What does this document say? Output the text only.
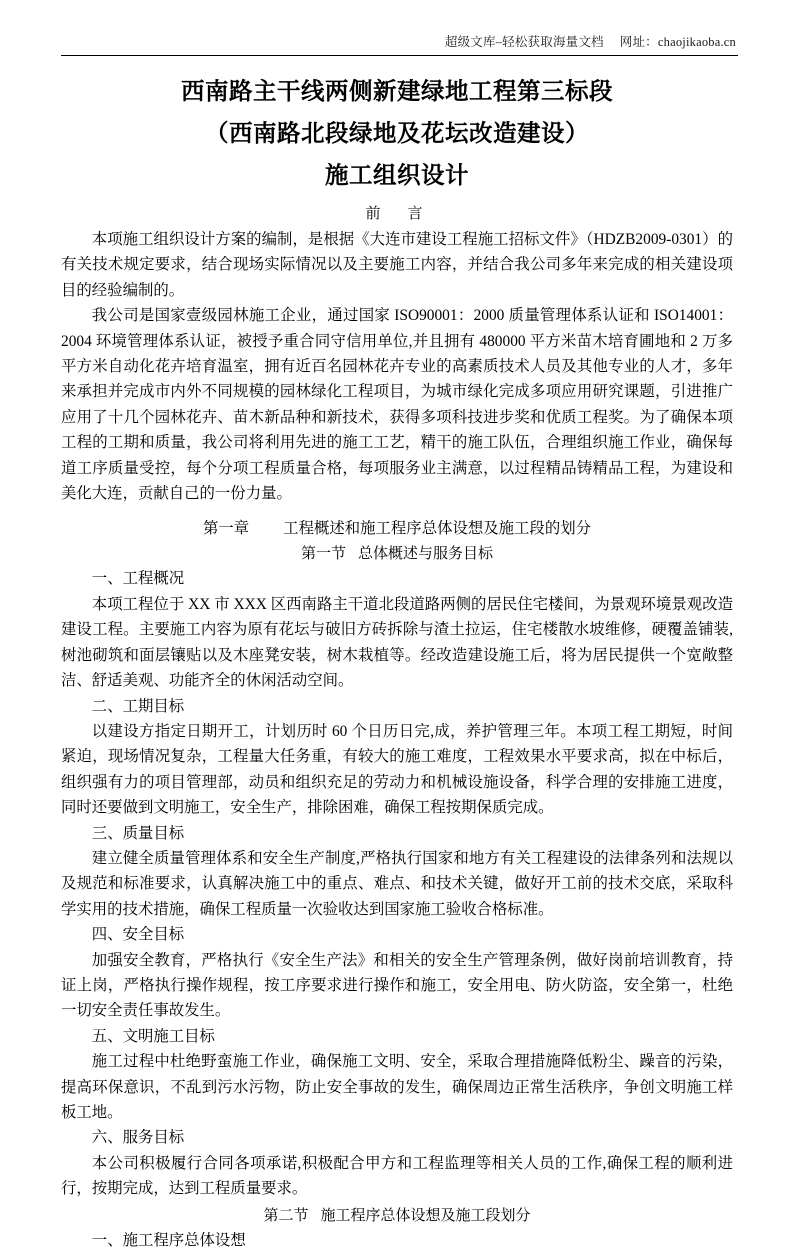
超级文库–轻松获取海量文档 网址：chaojikaoba.cn
西南路主干线两侧新建绿地工程第三标段
（西南路北段绿地及花坛改造建设）
施工组织设计
前　言

本项施工组织设计方案的编制，是根据《大连市建设工程施工招标文件》（HDZB2009-0301）的有关技术规定要求，结合现场实际情况以及主要施工内容，并结合我公司多年来完成的相关建设项目的经验编制的。

我公司是国家壹级园林施工企业，通过国家 ISO90001：2000 质量管理体系认证和 ISO14001：2004 环境管理体系认证，被授予重合同守信用单位,并且拥有 480000 平方米苗木培育圃地和 2 万多平方米自动化花卉培育温室，拥有近百名园林花卉专业的高素质技术人员及其他专业的人才，多年来承担并完成市内外不同规模的园林绿化工程项目，为城市绿化完成多项应用研究课题，引进推广应用了十几个园林花卉、苗木新品种和新技术，获得多项科技进步奖和优质工程奖。为了确保本项工程的工期和质量，我公司将利用先进的施工工艺，精干的施工队伍，合理组织施工作业，确保每道工序质量受控，每个分项工程质量合格，每项服务业主满意，以过程精品铸精品工程，为建设和美化大连，贡献自己的一份力量。

第一章 工程概述和施工程序总体设想及施工段的划分
第一节 总体概述与服务目标

一、工程概况

本项工程位于 XX 市 XXX 区西南路主干道北段道路两侧的居民住宅楼间，为景观环境景观改造建设工程。主要施工内容为原有花坛与破旧方砖拆除与渣土拉运，住宅楼散水坡维修，硬覆盖铺装,树池砌筑和面层镶贴以及木座凳安装，树木栽植等。经改造建设施工后，将为居民提供一个宽敞整洁、舒适美观、功能齐全的休闲活动空间。

二、工期目标

以建设方指定日期开工，计划历时 60 个日历日完,成，养护管理三年。本项工程工期短，时间紧迫，现场情况复杂，工程量大任务重，有较大的施工难度，工程效果水平要求高，拟在中标后，组织强有力的项目管理部，动员和组织充足的劳动力和机械设施设备，科学合理的安排施工进度，同时还要做到文明施工，安全生产，排除困难，确保工程按期保质完成。

三、质量目标

建立健全质量管理体系和安全生产制度,严格执行国家和地方有关工程建设的法律条列和法规以及规范和标准要求，认真解决施工中的重点、难点、和技术关键，做好开工前的技术交底，采取科学实用的技术措施，确保工程质量一次验收达到国家施工验收合格标准。

四、安全目标

加强安全教育，严格执行《安全生产法》和相关的安全生产管理条例，做好岗前培训教育，持证上岗，严格执行操作规程，按工序要求进行操作和施工，安全用电、防火防盗，安全第一，杜绝一切安全责任事故发生。

五、文明施工目标

施工过程中杜绝野蛮施工作业，确保施工文明、安全，采取合理措施降低粉尘、躁音的污染，提高环保意识，不乱到污水污物，防止安全事故的发生，确保周边正常生活秩序，争创文明施工样板工地。

六、服务目标

本公司积极履行合同各项承诺,积极配合甲方和工程监理等相关人员的工作,确保工程的顺利进行，按期完成，达到工程质量要求。

第二节 施工程序总体设想及施工段划分

一、施工程序总体设想
